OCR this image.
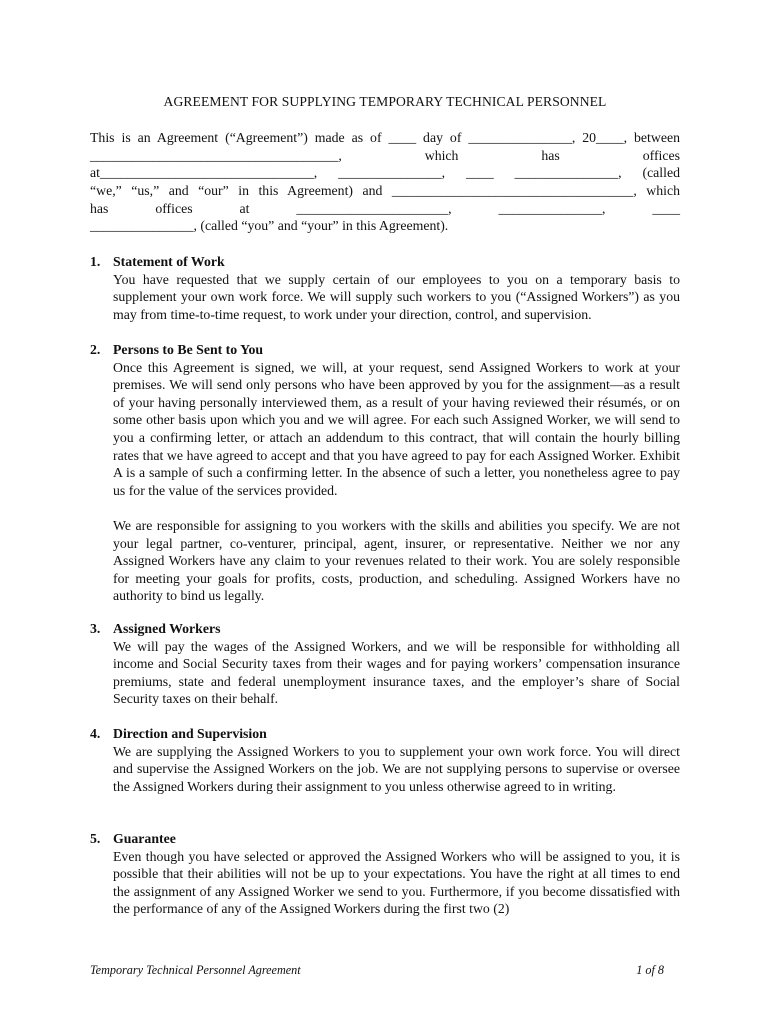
AGREEMENT FOR SUPPLYING TEMPORARY TECHNICAL PERSONNEL
This is an Agreement (“Agreement”) made as of ____ day of _______________, 20____, between
____________________________________, which has offices
at_______________________________, _______________, ____ _______________, (called
“we,” “us,” and “our” in this Agreement) and ___________________________________, which
has offices at ______________________, _______________, ____
_______________, (called “you” and “your” in this Agreement).
1. Statement of Work
You have requested that we supply certain of our employees to you on a temporary basis to supplement your own work force. We will supply such workers to you (“Assigned Workers”) as you may from time-to-time request, to work under your direction, control, and supervision.
2. Persons to Be Sent to You
Once this Agreement is signed, we will, at your request, send Assigned Workers to work at your premises. We will send only persons who have been approved by you for the assignment—as a result of your having personally interviewed them, as a result of your having reviewed their résumés, or on some other basis upon which you and we will agree. For each such Assigned Worker, we will send to you a confirming letter, or attach an addendum to this contract, that will contain the hourly billing rates that we have agreed to accept and that you have agreed to pay for each Assigned Worker. Exhibit A is a sample of such a confirming letter. In the absence of such a letter, you nonetheless agree to pay us for the value of the services provided.
We are responsible for assigning to you workers with the skills and abilities you specify. We are not your legal partner, co-venturer, principal, agent, insurer, or representative. Neither we nor any Assigned Workers have any claim to your revenues related to their work. You are solely responsible for meeting your goals for profits, costs, production, and scheduling. Assigned Workers have no authority to bind us legally.
3. Assigned Workers
We will pay the wages of the Assigned Workers, and we will be responsible for withholding all income and Social Security taxes from their wages and for paying workers’ compensation insurance premiums, state and federal unemployment insurance taxes, and the employer’s share of Social Security taxes on their behalf.
4. Direction and Supervision
We are supplying the Assigned Workers to you to supplement your own work force. You will direct and supervise the Assigned Workers on the job. We are not supplying persons to supervise or oversee the Assigned Workers during their assignment to you unless otherwise agreed to in writing.
5. Guarantee
Even though you have selected or approved the Assigned Workers who will be assigned to you, it is possible that their abilities will not be up to your expectations. You have the right at all times to end the assignment of any Assigned Worker we send to you. Furthermore, if you become dissatisfied with the performance of any of the Assigned Workers during the first two (2)
Temporary Technical Personnel Agreement	1 of 8
